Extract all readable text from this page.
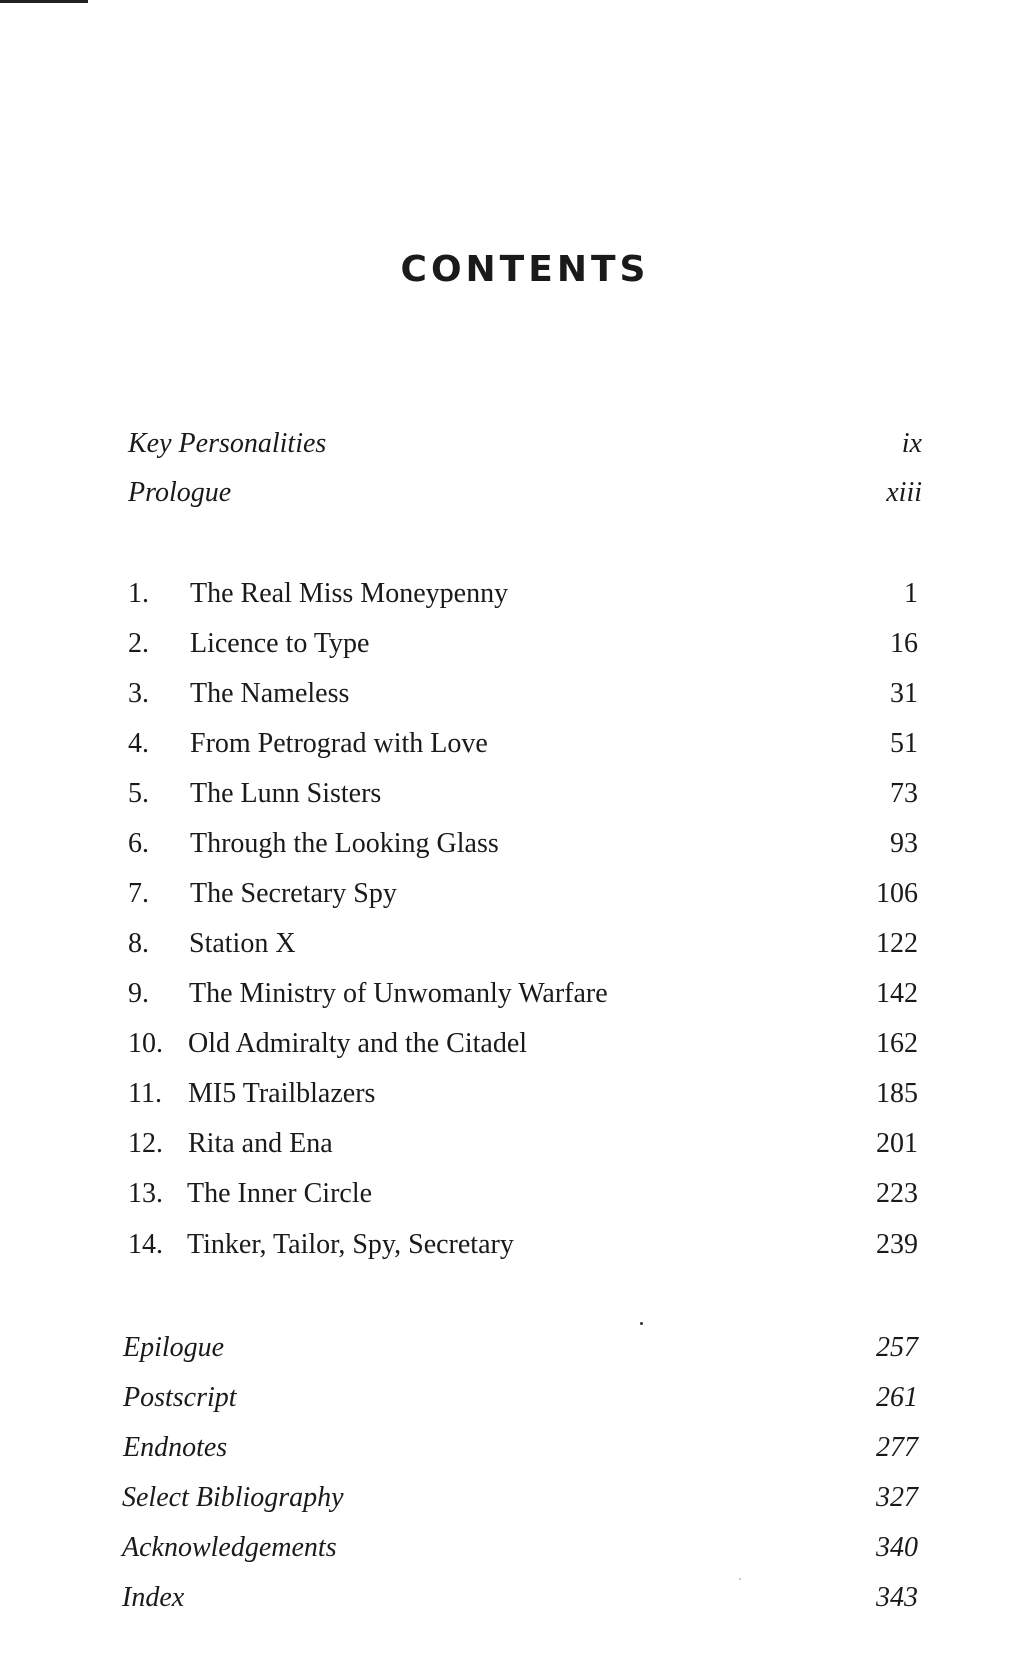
CONTENTS
Key Personalities	ix
Prologue	xiii
1. The Real Miss Moneypenny	1
2. Licence to Type	16
3. The Nameless	31
4. From Petrograd with Love	51
5. The Lunn Sisters	73
6. Through the Looking Glass	93
7. The Secretary Spy	106
8. Station X	122
9. The Ministry of Unwomanly Warfare	142
10. Old Admiralty and the Citadel	162
11. MI5 Trailblazers	185
12. Rita and Ena	201
13. The Inner Circle	223
14. Tinker, Tailor, Spy, Secretary	239
Epilogue	257
Postscript	261
Endnotes	277
Select Bibliography	327
Acknowledgements	340
Index	343
